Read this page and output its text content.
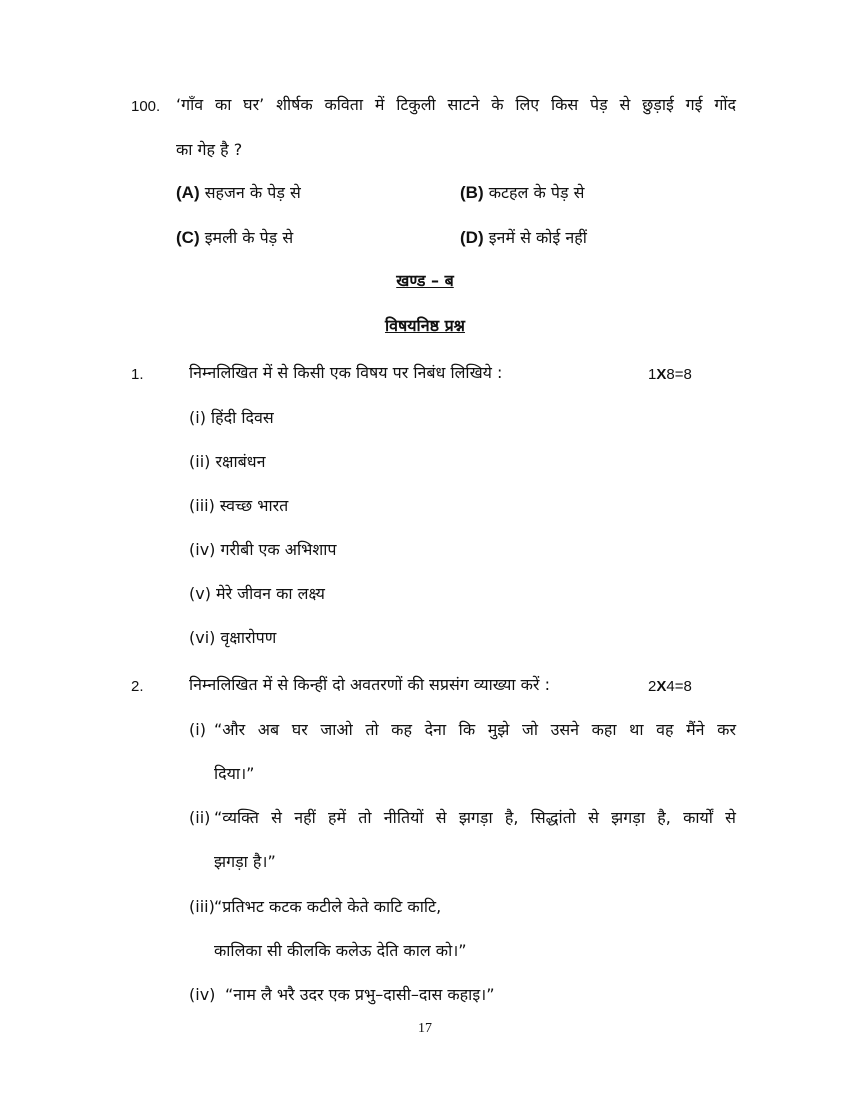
100. ‘गाँव का घर’ शीर्षक कविता में टिकुली साटने के लिए किस पेड़ से छुड़ाई गई गोंद
का गेह है ?
(A) सहजन के पेड़ से	(B) कटहल के पेड़ से
(C) इमली के पेड़ से	(D) इनमें से कोई नहीं
खण्ड – ब
विषयनिष्ठ प्रश्न
1.	निम्नलिखित में से किसी एक विषय पर निबंध लिखिये :	1X8=8
(i) हिंदी दिवस
(ii) रक्षाबंधन
(iii) स्वच्छ भारत
(iv) गरीबी एक अभिशाप
(v) मेरे जीवन का लक्ष्य
(vi) वृक्षारोपण
2.	निम्नलिखित में से किन्हीं दो अवतरणों की सप्रसंग व्याख्या करें :	2X4=8
(i) “और अब घर जाओ तो कह देना कि मुझे जो उसने कहा था वह मैंने कर
दिया।”
(ii) “व्यक्ति से नहीं हमें तो नीतियों से झगड़ा है, सिद्धांतो से झगड़ा है, कार्यों से
झगड़ा है।”
(iii) “प्रतिभट कटक कटीले केते काटि काटि,
कालिका सी कीलकि कलेऊ देति काल को।”
(iv) “नाम लै भरै उदर एक प्रभु–दासी–दास कहाइ।”
17
